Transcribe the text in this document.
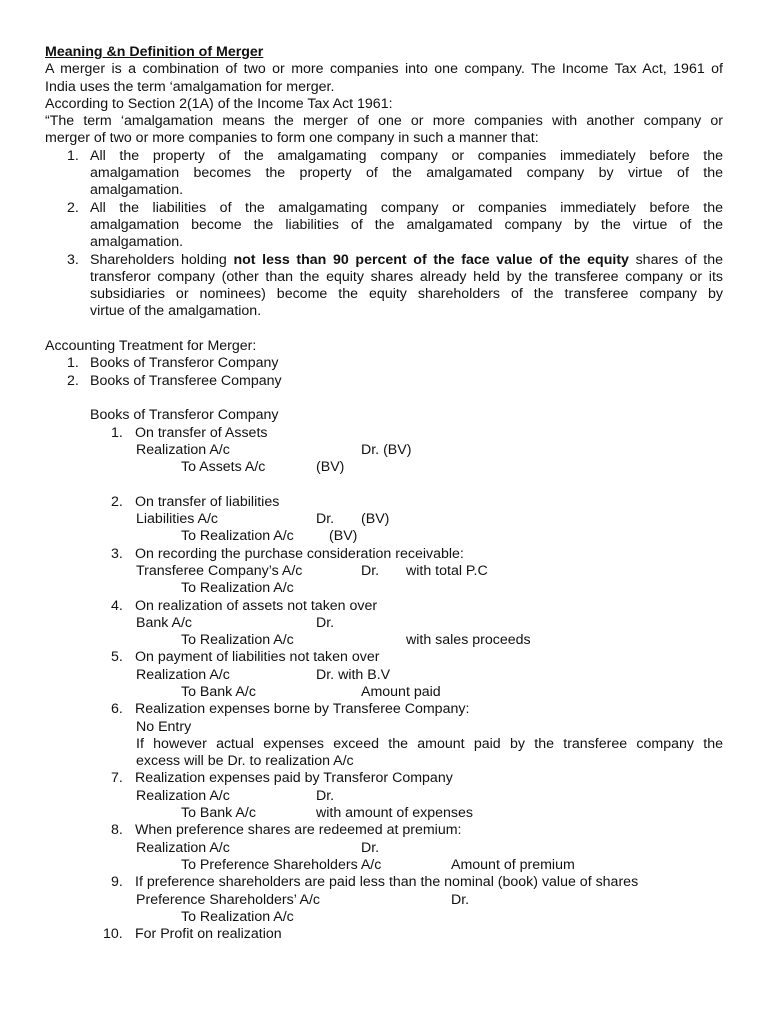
Meaning &n Definition of Merger
A merger is a combination of two or more companies into one company. The Income Tax Act, 1961 of
India uses the term ‘amalgamation for merger.
According to Section 2(1A) of the Income Tax Act 1961:
“The term ‘amalgamation means the merger of one or more companies with another company or
merger of two or more companies to form one company in such a manner that:
1. All the property of the amalgamating company or companies immediately before the
amalgamation becomes the property of the amalgamated company by virtue of the
amalgamation.
2. All the liabilities of the amalgamating company or companies immediately before the
amalgamation become the liabilities of the amalgamated company by the virtue of the
amalgamation.
3. Shareholders holding not less than 90 percent of the face value of the equity shares of the
transferor company (other than the equity shares already held by the transferee company or its
subsidiaries or nominees) become the equity shareholders of the transferee company by
virtue of the amalgamation.
Accounting Treatment for Merger:
1. Books of Transferor Company
2. Books of Transferee Company
Books of Transferor Company
1. On transfer of Assets
Realization A/c	Dr. (BV)
To Assets A/c	(BV)
2. On transfer of liabilities
Liabilities A/c	Dr. (BV)
To Realization A/c (BV)
3. On recording the purchase consideration receivable:
Transferee Company’s A/c	Dr. with total P.C
To Realization A/c
4. On realization of assets not taken over
Bank A/c	Dr.
To Realization A/c	with sales proceeds
5. On payment of liabilities not taken over
Realization A/c	Dr. with B.V
To Bank A/c	Amount paid
6. Realization expenses borne by Transferee Company:
No Entry
If however actual expenses exceed the amount paid by the transferee company the
excess will be Dr. to realization A/c
7. Realization expenses paid by Transferor Company
Realization A/c	Dr.
To Bank A/c	with amount of expenses
8. When preference shares are redeemed at premium:
Realization A/c	Dr.
To Preference Shareholders A/c	Amount of premium
9. If preference shareholders are paid less than the nominal (book) value of shares
Preference Shareholders’ A/c	Dr.
To Realization A/c
10. For Profit on realization
